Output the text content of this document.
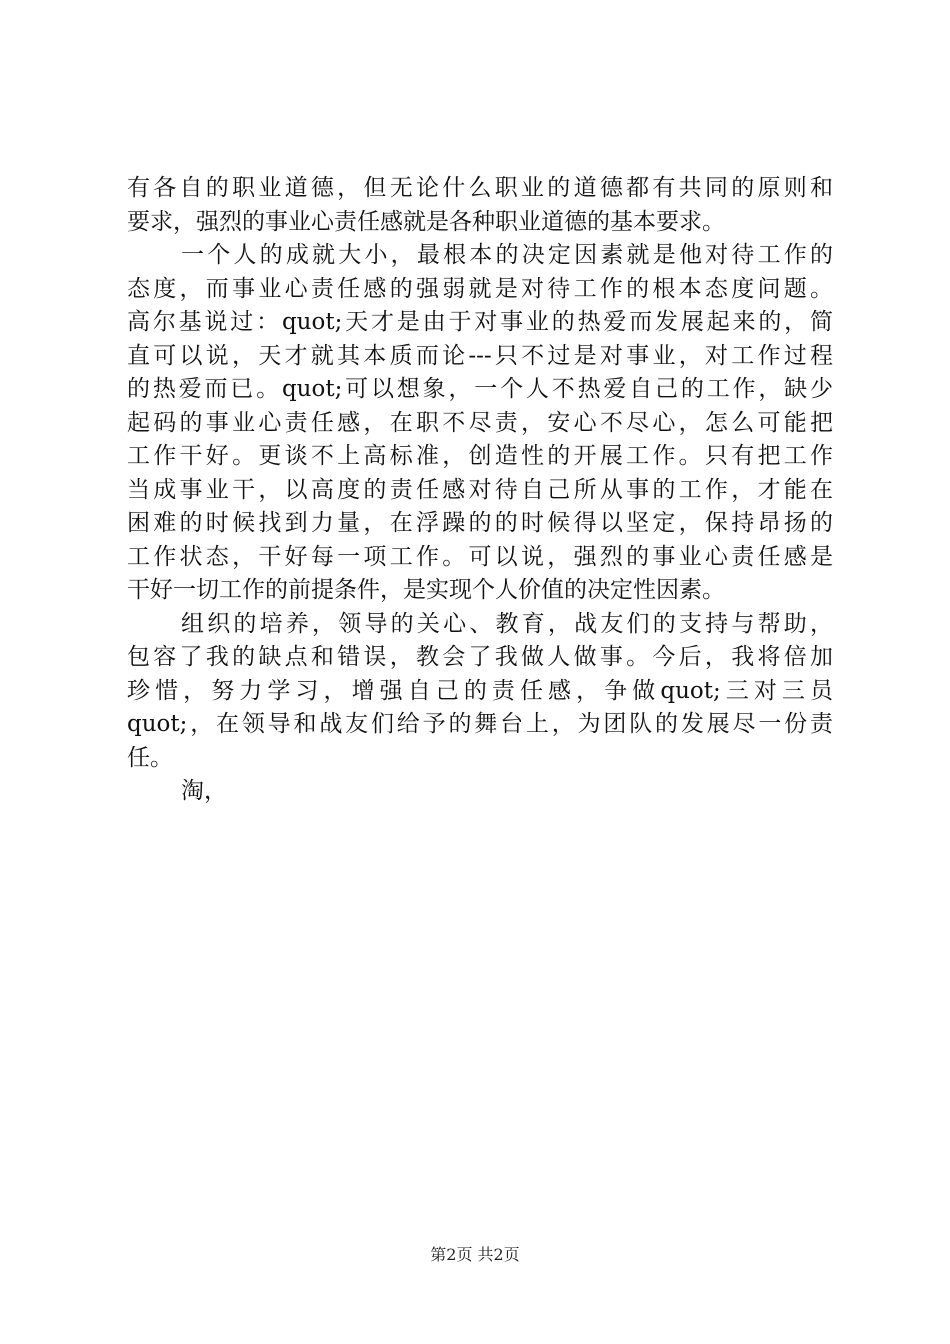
有各自的职业道德，但无论什么职业的道德都有共同的原则和
要求，强烈的事业心责任感就是各种职业道德的基本要求。
一个人的成就大小，最根本的决定因素就是他对待工作的
态度，而事业心责任感的强弱就是对待工作的根本态度问题。
高尔基说过：quot;天才是由于对事业的热爱而发展起来的，简
直可以说，天才就其本质而论---只不过是对事业，对工作过程
的热爱而已。quot;可以想象，一个人不热爱自己的工作，缺少
起码的事业心责任感，在职不尽责，安心不尽心，怎么可能把
工作干好。更谈不上高标准，创造性的开展工作。只有把工作
当成事业干，以高度的责任感对待自己所从事的工作，才能在
困难的时候找到力量，在浮躁的的时候得以坚定，保持昂扬的
工作状态，干好每一项工作。可以说，强烈的事业心责任感是
干好一切工作的前提条件，是实现个人价值的决定性因素。
组织的培养，领导的关心、教育，战友们的支持与帮助，
包容了我的缺点和错误，教会了我做人做事。今后，我将倍加
珍惜，努力学习，增强自己的责任感，争做quot;三对三员
quot;，在领导和战友们给予的舞台上，为团队的发展尽一份责
任。
淘，
第2页 共2页
